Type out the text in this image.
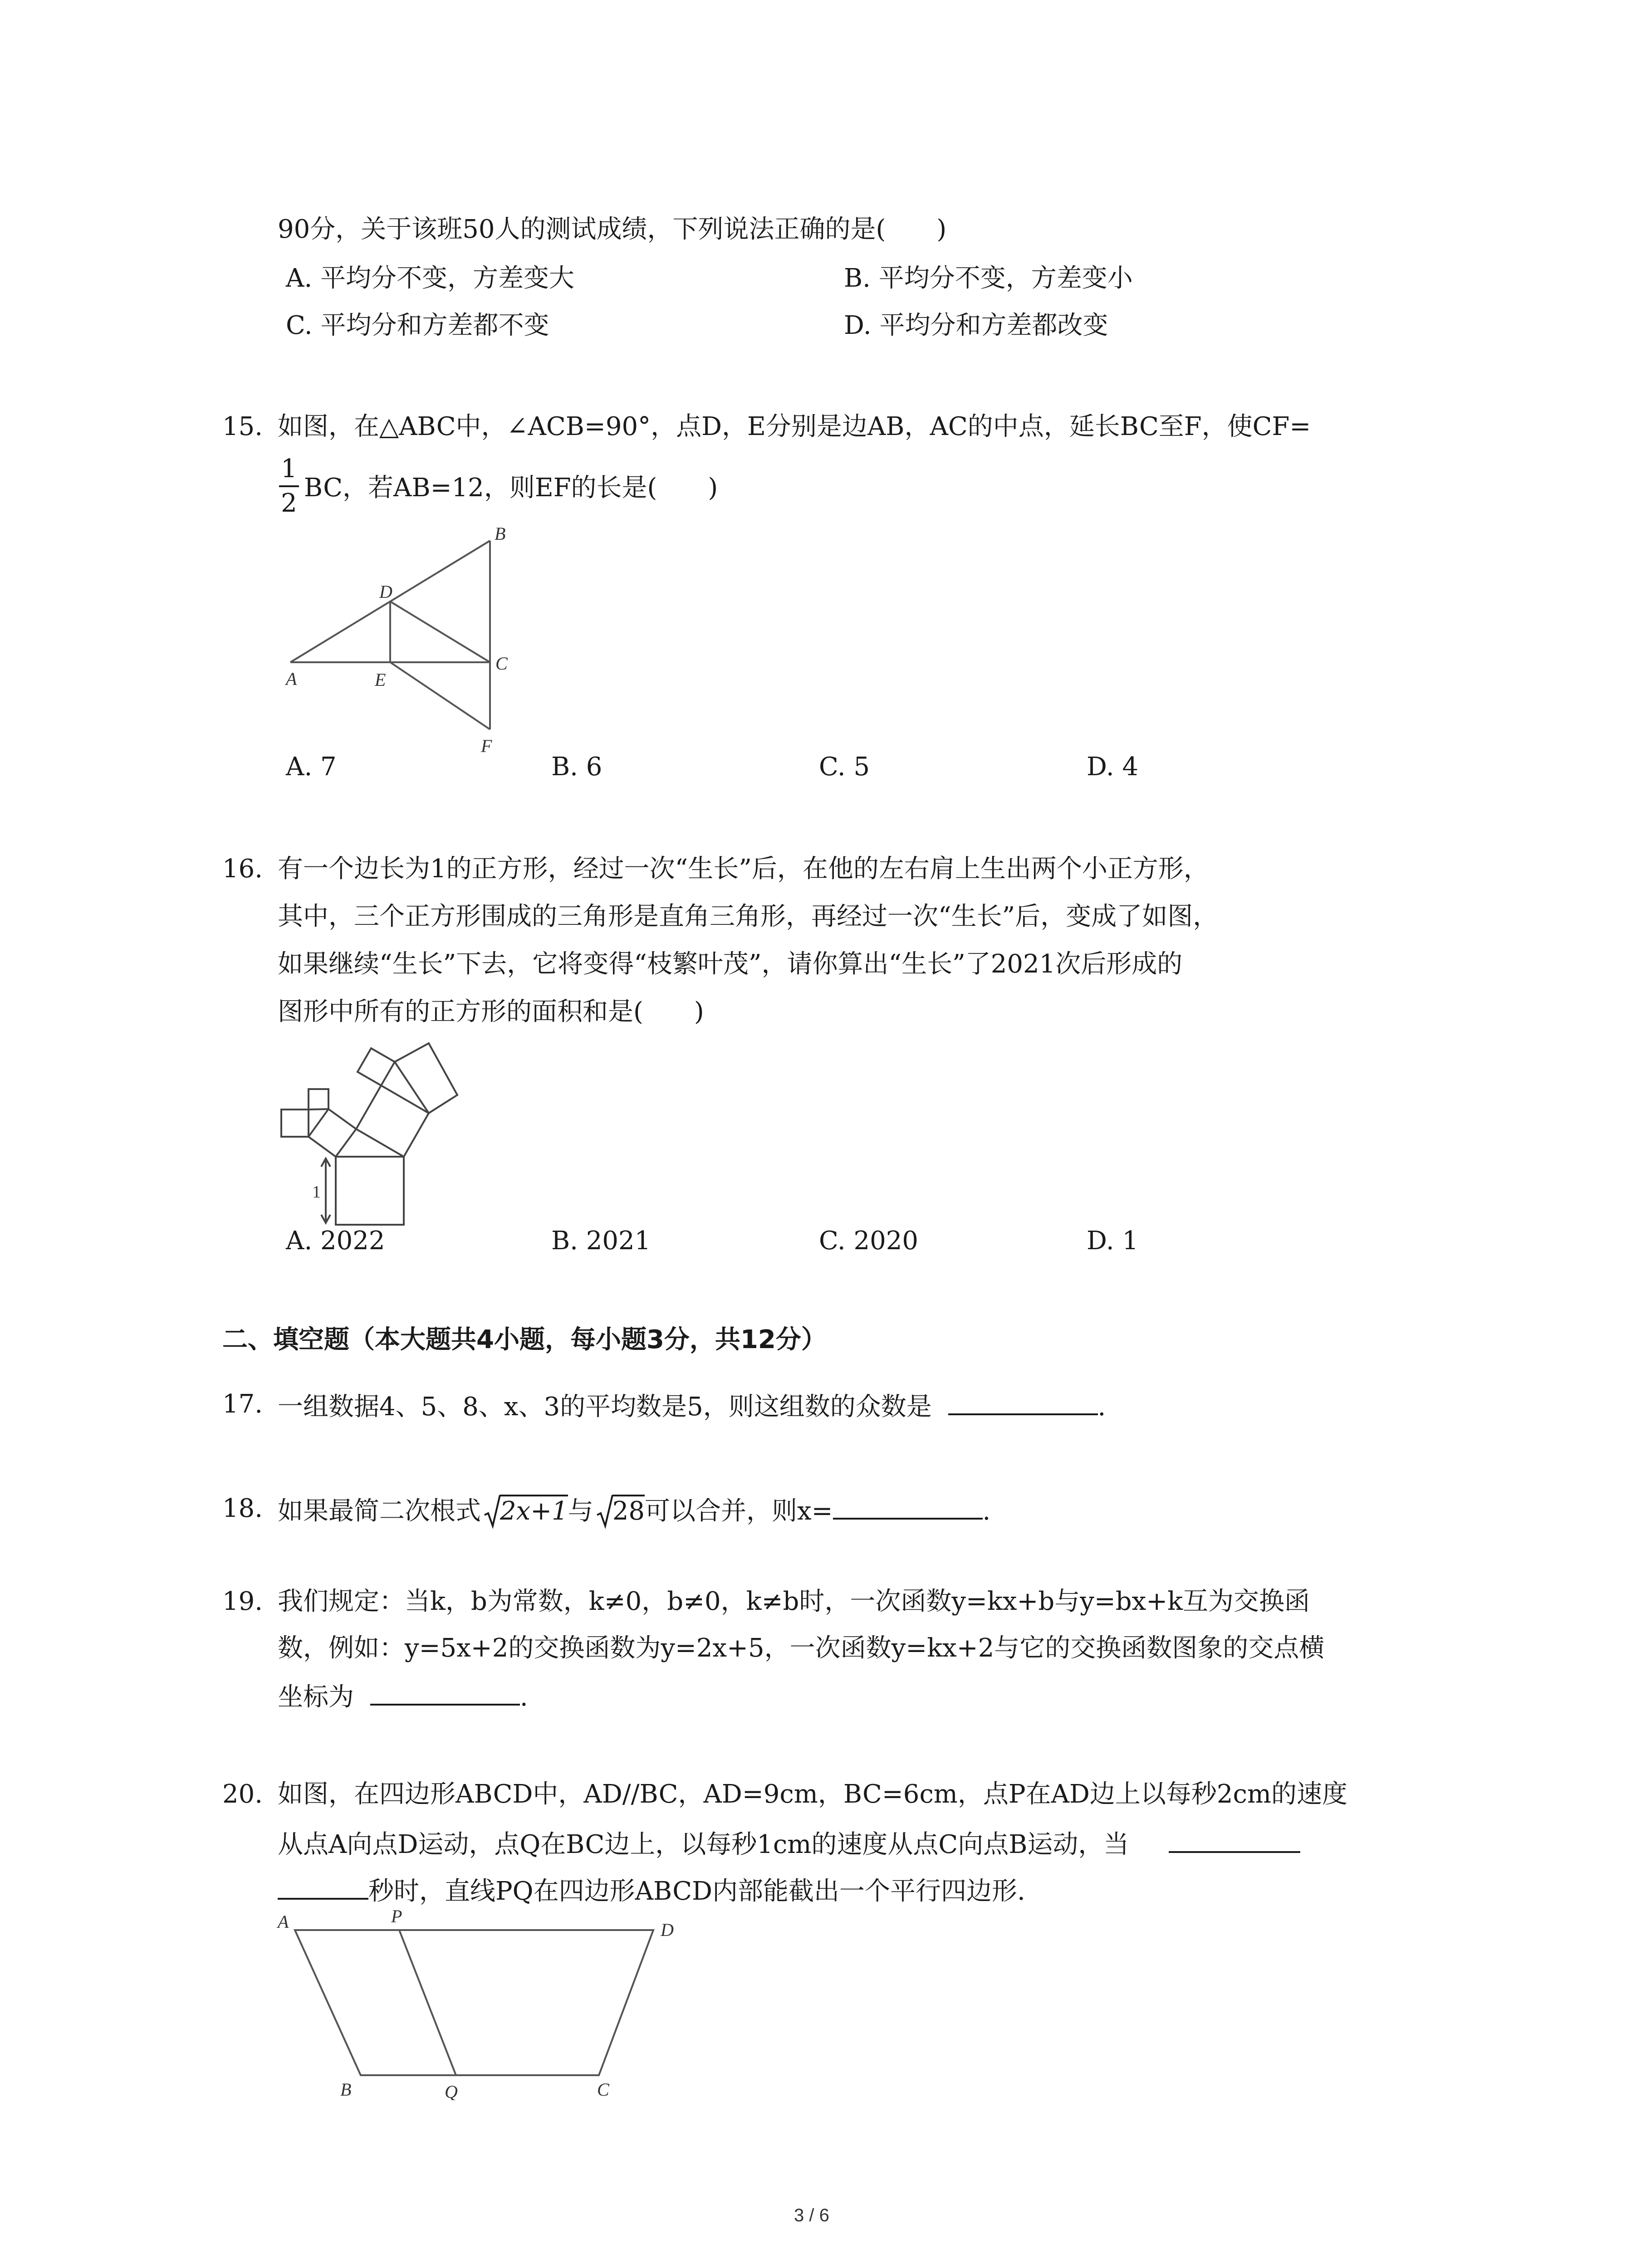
90分，关于该班50人的测试成绩，下列说法正确的是(　　)
A. 平均分不变，方差变大	B. 平均分不变，方差变小
C. 平均分和方差都不变	D. 平均分和方差都改变
15. 如图，在△ABC中，∠ACB=90°，点D，E分别是边AB，AC的中点，延长BC至F，使CF=
1
2
BC，若AB=12，则EF的长是(　　)
A
B
C
D
E
F
A. 7	B. 6	C. 5	D. 4
16. 有一个边长为1的正方形，经过一次“生长”后，在他的左右肩上生出两个小正方形，
其中，三个正方形围成的三角形是直角三角形，再经过一次“生长”后，变成了如图，
如果继续“生长”下去，它将变得“枝繁叶茂”，请你算出“生长”了2021次后形成的
图形中所有的正方形的面积和是(　　)
1
A. 2022	B. 2021	C. 2020	D. 1
二、填空题（本大题共4小题，每小题3分，共12分）
17. 一组数据4、5、8、x、3的平均数是5，则这组数的众数是	.
18. 如果最简二次根式 2x+1与 28可以合并，则x=	.
19. 我们规定：当k，b为常数，k≠0，b≠0，k≠b时，一次函数y=kx+b与y=bx+k互为交换函
数，例如：y=5x+2的交换函数为y=2x+5，一次函数y=kx+2与它的交换函数图象的交点横
坐标为	.
20. 如图，在四边形ABCD中，AD//BC，AD=9cm，BC=6cm，点P在AD边上以每秒2cm的速度
从点A向点D运动，点Q在BC边上，以每秒1cm的速度从点C向点B运动，当
秒时，直线PQ在四边形ABCD内部能截出一个平行四边形.
A	P
D
B	Q	C
3 / 6
